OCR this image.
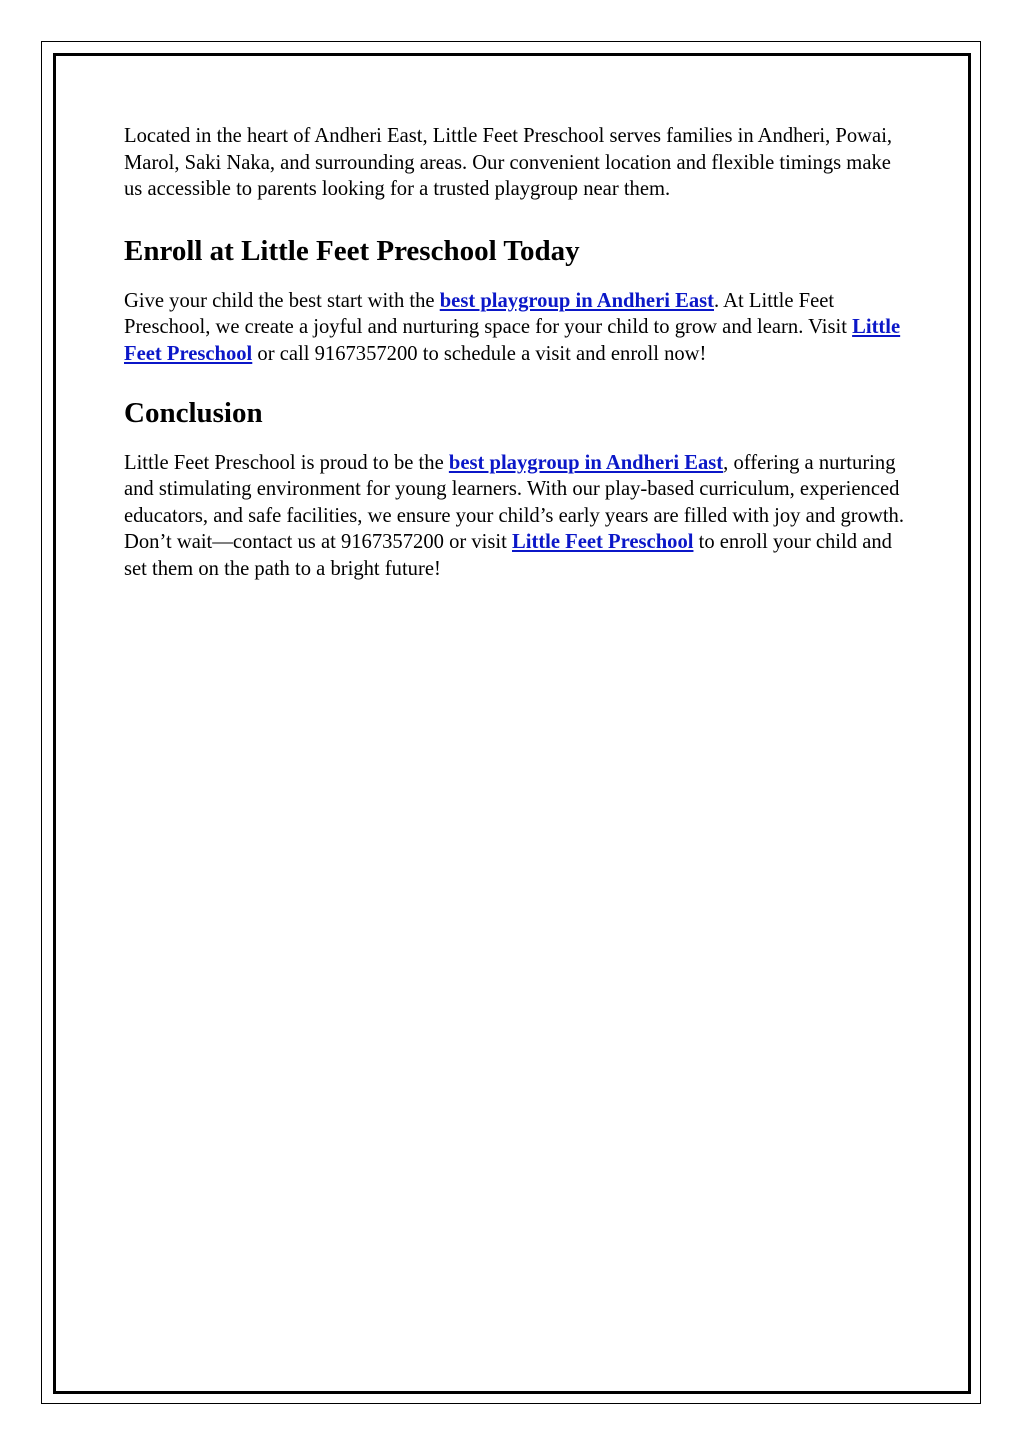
Located in the heart of Andheri East, Little Feet Preschool serves families in Andheri, Powai, Marol, Saki Naka, and surrounding areas. Our convenient location and flexible timings make us accessible to parents looking for a trusted playgroup near them.

Enroll at Little Feet Preschool Today

Give your child the best start with the best playgroup in Andheri East. At Little Feet Preschool, we create a joyful and nurturing space for your child to grow and learn. Visit Little Feet Preschool or call 9167357200 to schedule a visit and enroll now!

Conclusion

Little Feet Preschool is proud to be the best playgroup in Andheri East, offering a nurturing and stimulating environment for young learners. With our play-based curriculum, experienced educators, and safe facilities, we ensure your child’s early years are filled with joy and growth. Don’t wait—contact us at 9167357200 or visit Little Feet Preschool to enroll your child and set them on the path to a bright future!
